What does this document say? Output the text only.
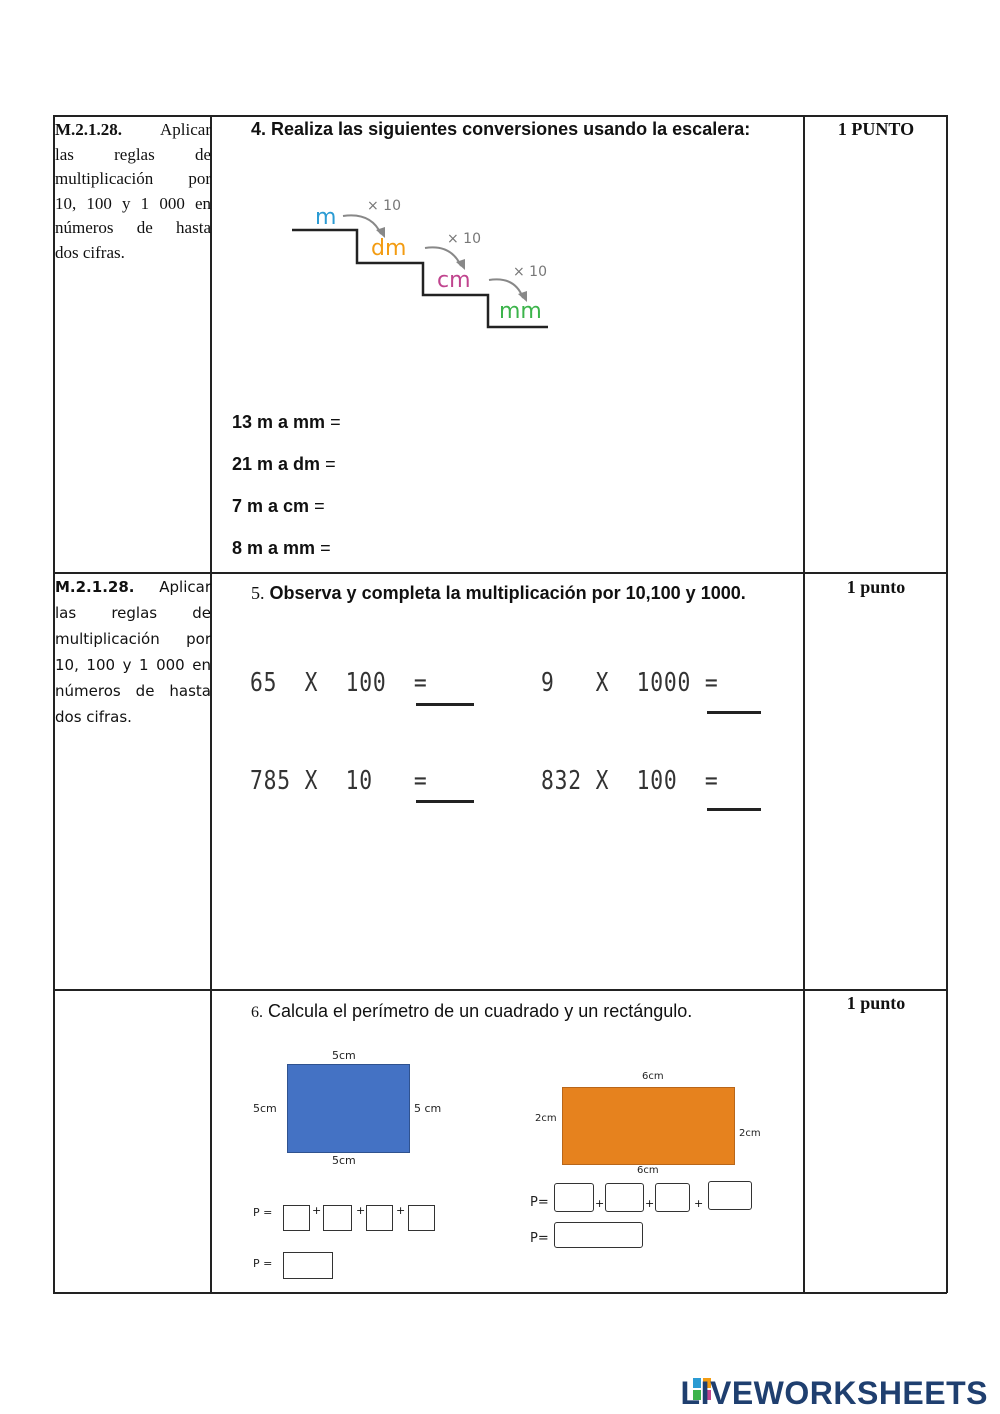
M.2.1.28. Aplicar
las reglas de
multiplicación por
10, 100 y 1 000 en
números de hasta
dos cifras.
4. Realiza las siguientes conversiones usando la escalera:	1 PUNTO
m
dm
cm
mm
× 10
× 10
× 10
13 m a mm =
21 m a dm =
7 m a cm =
8 m a mm =
M.2.1.28. Aplicar las reglas de multiplicación por 10, 100 y 1 000 en números de hasta dos cifras.
5. Observa y completa la multiplicación por 10,100 y 1000.	1 punto
65  X  100  =	9   X  1000 =
785 X  10   =	832 X  100  =
6. Calcula el perímetro de un cuadrado y un rectángulo.	1 punto
5cm
5cm	5 cm
5cm
6cm
2cm
2cm
6cm
P =	+	+	+
P =
P=	+	+	+
P=
LIVEWORKSHEETS
